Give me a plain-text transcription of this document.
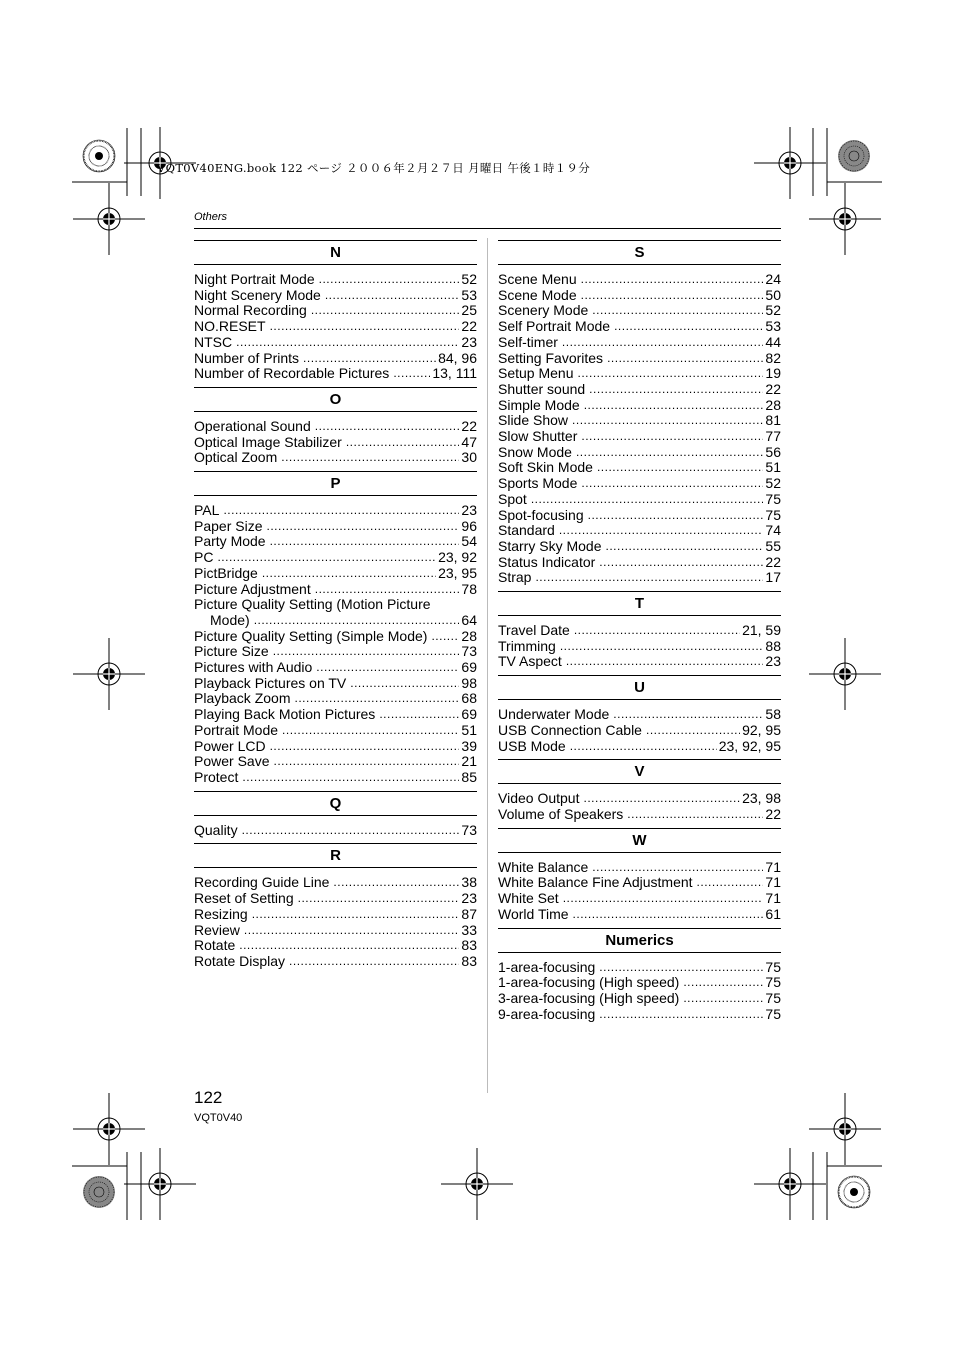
VQT0V40ENG.book 122 ページ ２００６年２月２７日 月曜日 午後１時１９分
Others
N
Night Portrait Mode .....	52
Night Scenery Mode .....	53
Normal Recording .....	25
NO.RESET .....	22
NTSC .....	23
Number of Prints .....	84, 96
Number of Recordable Pictures .....	13, 111
O
Operational Sound .....	22
Optical Image Stabilizer .....	47
Optical Zoom .....	30
P
PAL .....	23
Paper Size .....	96
Party Mode .....	54
PC .....	23, 92
PictBridge .....	23, 95
Picture Adjustment .....	78
Picture Quality Setting (Motion Picture
Mode) .....	64
Picture Quality Setting (Simple Mode) ..... 28
Picture Size .....	73
Pictures with Audio .....	69
Playback Pictures on TV .....	98
Playback Zoom .....	68
Playing Back Motion Pictures .....	69
Portrait Mode .....	51
Power LCD .....	39
Power Save .....	21
Protect .....	85
Q
Quality .....	73
R
Recording Guide Line .....	38
Reset of Setting .....	23
Resizing .....	87
Review .....	33
Rotate .....	83
Rotate Display .....	83
S
Scene Menu .....	24
Scene Mode .....	50
Scenery Mode .....	52
Self Portrait Mode .....	53
Self-timer .....	44
Setting Favorites .....	82
Setup Menu .....	19
Shutter sound .....	22
Simple Mode .....	28
Slide Show .....	81
Slow Shutter .....	77
Snow Mode .....	56
Soft Skin Mode .....	51
Sports Mode .....	52
Spot .....	75
Spot-focusing .....	75
Standard .....	74
Starry Sky Mode .....	55
Status Indicator .....	22
Strap .....	17
T
Travel Date .....	21, 59
Trimming .....	88
TV Aspect .....	23
U
Underwater Mode .....	58
USB Connection Cable .....	92, 95
USB Mode .....	23, 92, 95
V
Video Output .....	23, 98
Volume of Speakers .....	22
W
White Balance .....	71
White Balance Fine Adjustment .....	71
White Set .....	71
World Time .....	61
Numerics
1-area-focusing .....	75
1-area-focusing (High speed) .....	75
3-area-focusing (High speed) .....	75
9-area-focusing .....	75
122
VQT0V40
